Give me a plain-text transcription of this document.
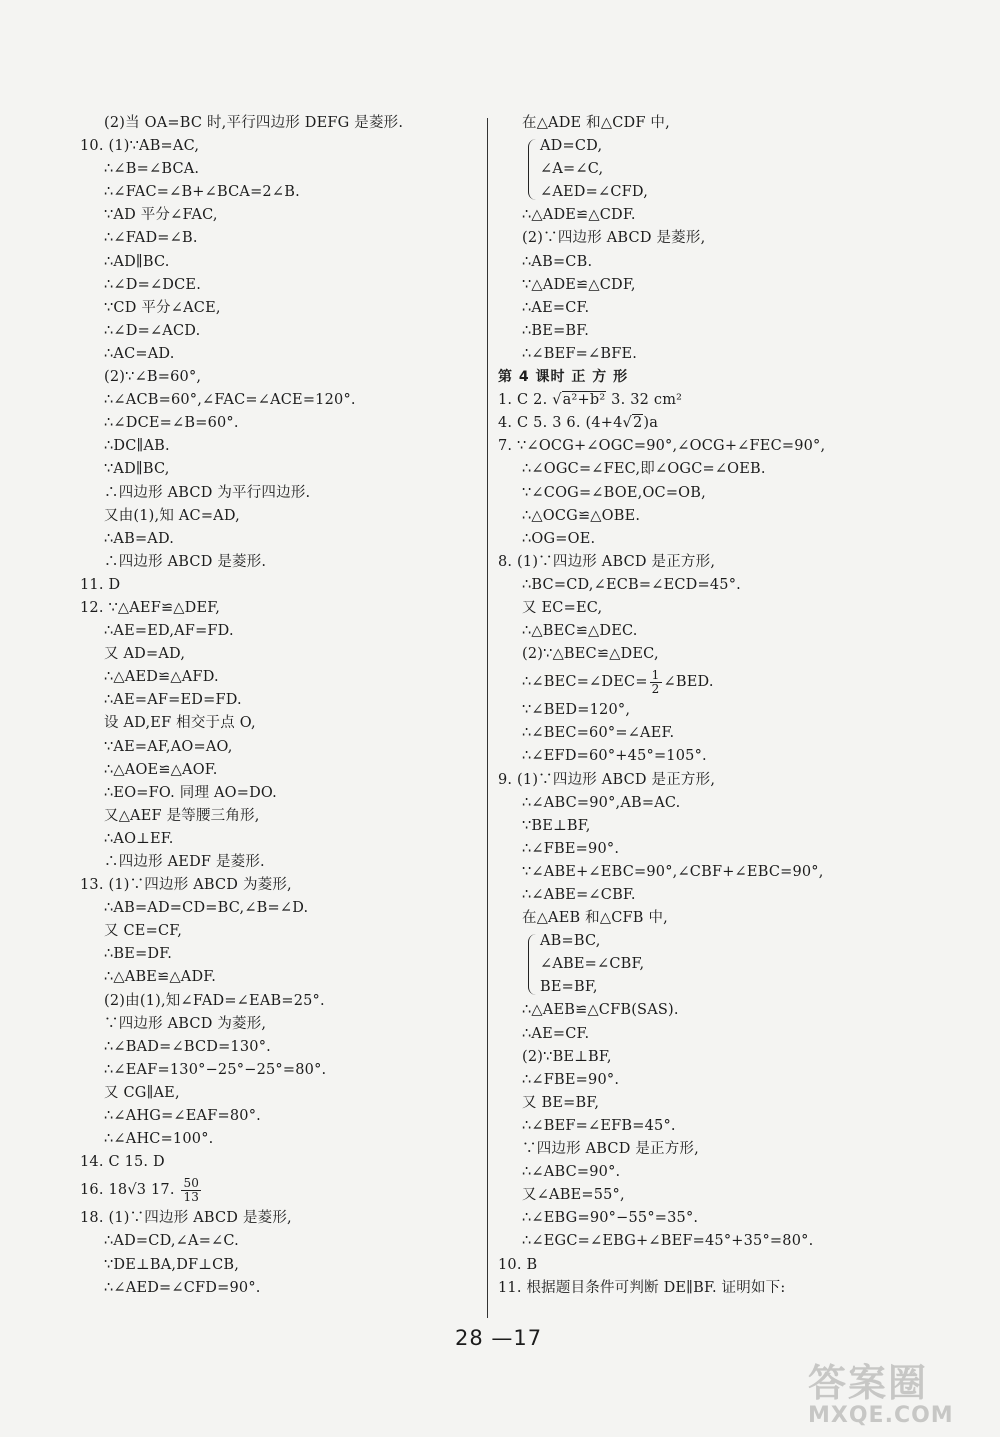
(2)当 OA=BC 时,平行四边形 DEFG 是菱形.
10. (1)∵AB=AC,
∴∠B=∠BCA.
∴∠FAC=∠B+∠BCA=2∠B.
∵AD 平分∠FAC,
∴∠FAD=∠B.
∴AD∥BC.
∴∠D=∠DCE.
∵CD 平分∠ACE,
∴∠D=∠ACD.
∴AC=AD.
(2)∵∠B=60°,
∴∠ACB=60°,∠FAC=∠ACE=120°.
∴∠DCE=∠B=60°.
∴DC∥AB.
∵AD∥BC,
∴四边形 ABCD 为平行四边形.
又由(1),知 AC=AD,
∴AB=AD.
∴四边形 ABCD 是菱形.
11. D
12. ∵△AEF≌△DEF,
∴AE=ED,AF=FD.
又 AD=AD,
∴△AED≌△AFD.
∴AE=AF=ED=FD.
设 AD,EF 相交于点 O,
∵AE=AF,AO=AO,
∴△AOE≌△AOF.
∴EO=FO. 同理 AO=DO.
又△AEF 是等腰三角形,
∴AO⊥EF.
∴四边形 AEDF 是菱形.
13. (1)∵四边形 ABCD 为菱形,
∴AB=AD=CD=BC,∠B=∠D.
又 CE=CF,
∴BE=DF.
∴△ABE≌△ADF.
(2)由(1),知∠FAD=∠EAB=25°.
∵四边形 ABCD 为菱形,
∴∠BAD=∠BCD=130°.
∴∠EAF=130°−25°−25°=80°.
又 CG∥AE,
∴∠AHG=∠EAF=80°.
∴∠AHC=100°.
14. C 15. D
16. 18√3 17. $\frac{50}{13}$
18. (1)∵四边形 ABCD 是菱形,
∴AD=CD,∠A=∠C.
∵DE⊥BA,DF⊥CB,
∴∠AED=∠CFD=90°.
在△ADE 和△CDF 中,
AD=CD,
∠A=∠C,
∠AED=∠CFD,
∴△ADE≌△CDF.
(2)∵四边形 ABCD 是菱形,
∴AB=CB.
∵△ADE≌△CDF,
∴AE=CF.
∴BE=BF.
∴∠BEF=∠BFE.
第 4 课时 正 方 形
1. C 2. √a²+b² 3. 32 cm²
4. C 5. 3 6. (4+4√2)a
7. ∵∠OCG+∠OGC=90°,∠OCG+∠FEC=90°,
∴∠OGC=∠FEC,即∠OGC=∠OEB.
∵∠COG=∠BOE,OC=OB,
∴△OCG≌△OBE.
∴OG=OE.
8. (1)∵四边形 ABCD 是正方形,
∴BC=CD,∠ECB=∠ECD=45°.
又 EC=EC,
∴△BEC≌△DEC.
(2)∵△BEC≌△DEC,
∴∠BEC=∠DEC= $\frac{1}{2}$ ∠BED.
∵∠BED=120°,
∴∠BEC=60°=∠AEF.
∴∠EFD=60°+45°=105°.
9. (1)∵四边形 ABCD 是正方形,
∴∠ABC=90°,AB=AC.
∵BE⊥BF,
∴∠FBE=90°.
∵∠ABE+∠EBC=90°,∠CBF+∠EBC=90°,
∴∠ABE=∠CBF.
在△AEB 和△CFB 中,
AB=BC,
∠ABE=∠CBF,
BE=BF,
∴△AEB≌△CFB(SAS).
∴AE=CF.
(2)∵BE⊥BF,
∴∠FBE=90°.
又 BE=BF,
∴∠BEF=∠EFB=45°.
∵四边形 ABCD 是正方形,
∴∠ABC=90°.
又∠ABE=55°,
∴∠EBG=90°−55°=35°.
∴∠EGC=∠EBG+∠BEF=45°+35°=80°.
10. B
11. 根据题目条件可判断 DE∥BF. 证明如下:
28 —17
答案圈
MXQE.COM
